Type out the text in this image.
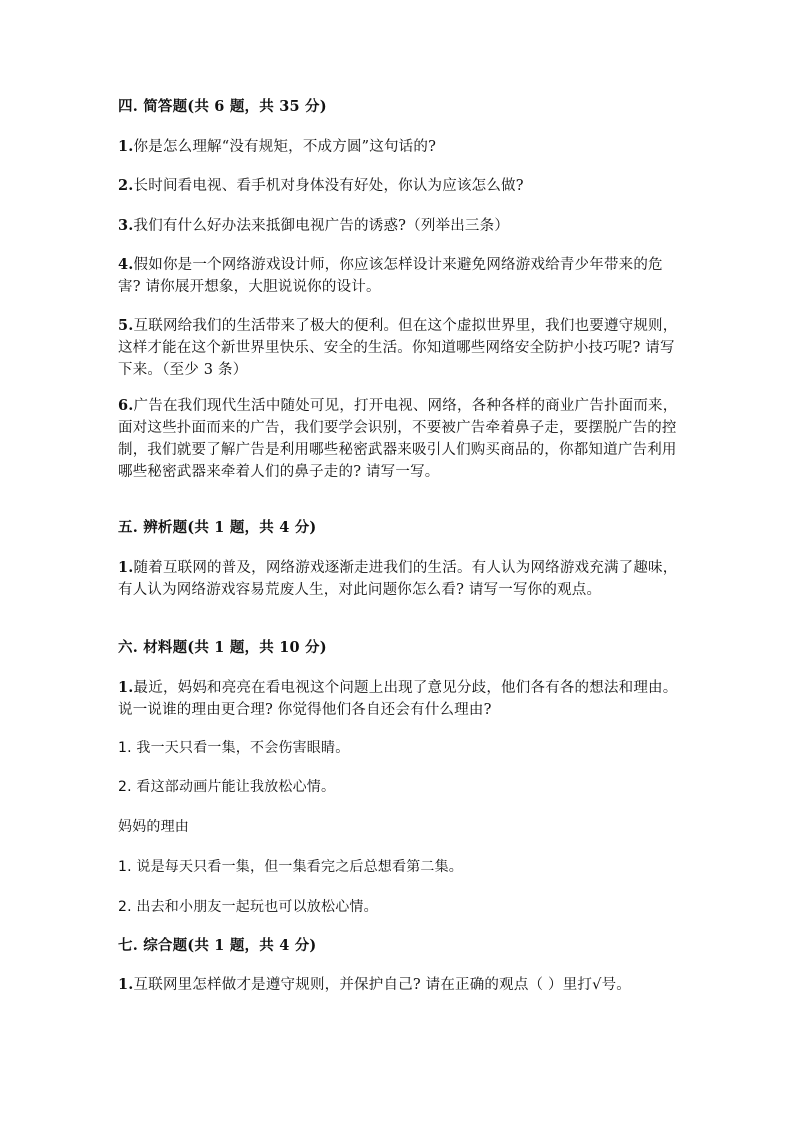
四. 简答题(共 6 题，共 35 分)

1.你是怎么理解“没有规矩，不成方圆”这句话的?

2.长时间看电视、看手机对身体没有好处，你认为应该怎么做?

3.我们有什么好办法来抵御电视广告的诱惑?（列举出三条）

4.假如你是一个网络游戏设计师，你应该怎样设计来避免网络游戏给青少年带来的危害? 请你展开想象，大胆说说你的设计。

5.互联网给我们的生活带来了极大的便利。但在这个虚拟世界里，我们也要遵守规则，这样才能在这个新世界里快乐、安全的生活。你知道哪些网络安全防护小技巧呢? 请写下来。（至少 3 条）

6.广告在我们现代生活中随处可见，打开电视、网络，各种各样的商业广告扑面而来，面对这些扑面而来的广告，我们要学会识别，不要被广告牵着鼻子走，要摆脱广告的控制，我们就要了解广告是利用哪些秘密武器来吸引人们购买商品的，你都知道广告利用哪些秘密武器来牵着人们的鼻子走的? 请写一写。

五. 辨析题(共 1 题，共 4 分)

1.随着互联网的普及，网络游戏逐渐走进我们的生活。有人认为网络游戏充满了趣味，有人认为网络游戏容易荒废人生，对此问题你怎么看? 请写一写你的观点。

六. 材料题(共 1 题，共 10 分)

1.最近，妈妈和亮亮在看电视这个问题上出现了意见分歧，他们各有各的想法和理由。说一说谁的理由更合理? 你觉得他们各自还会有什么理由?

1. 我一天只看一集，不会伤害眼睛。

2. 看这部动画片能让我放松心情。

妈妈的理由

1. 说是每天只看一集，但一集看完之后总想看第二集。

2. 出去和小朋友一起玩也可以放松心情。

七. 综合题(共 1 题，共 4 分)

1.互联网里怎样做才是遵守规则，并保护自己? 请在正确的观点（ ）里打√号。
